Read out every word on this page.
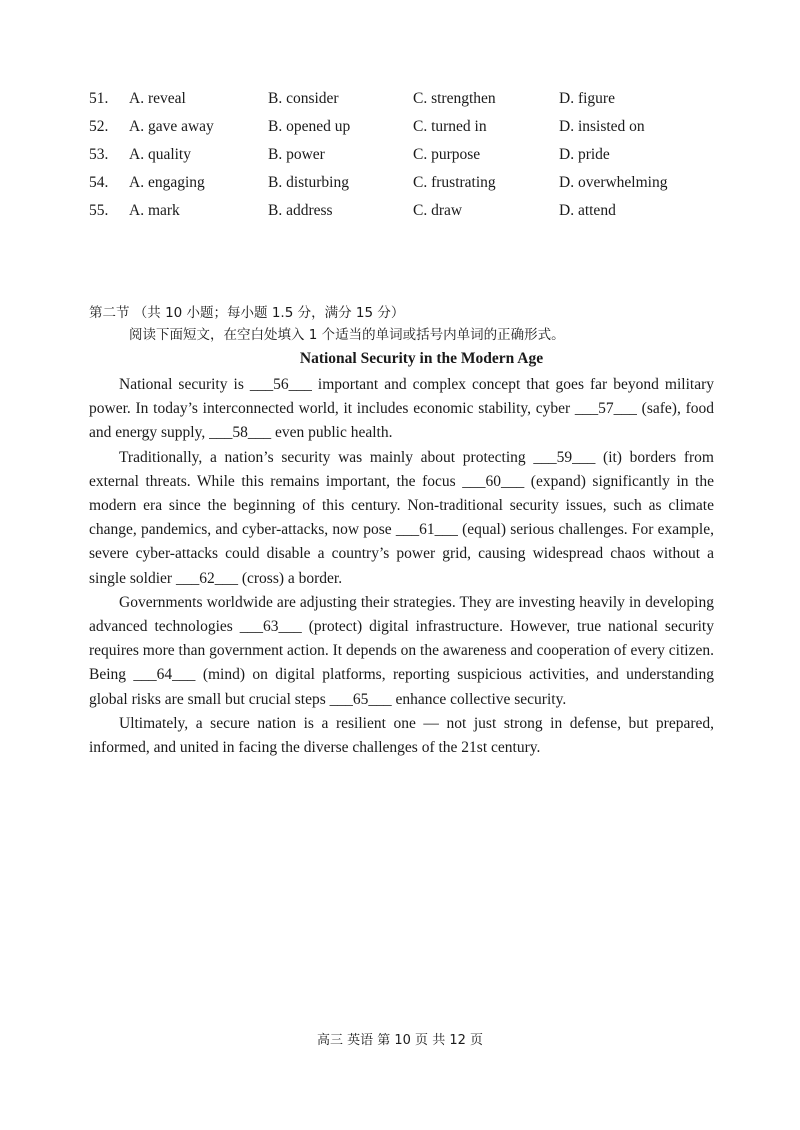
51. A. reveal	B. consider	C. strengthen	D. figure
52. A. gave away	B. opened up	C. turned in	D. insisted on
53. A. quality	B. power	C. purpose	D. pride
54. A. engaging	B. disturbing	C. frustrating	D. overwhelming
55. A. mark	B. address	C. draw	D. attend
第二节 （共 10 小题；每小题 1.5 分，满分 15 分）
阅读下面短文，在空白处填入 1 个适当的单词或括号内单词的正确形式。
National Security in the Modern Age

National security is ___56___ important and complex concept that goes far beyond military power. In today’s interconnected world, it includes economic stability, cyber ___57___ (safe), food and energy supply, ___58___ even public health.

Traditionally, a nation’s security was mainly about protecting ___59___ (it) borders from external threats. While this remains important, the focus ___60___ (expand) significantly in the modern era since the beginning of this century. Non-traditional security issues, such as climate change, pandemics, and cyber-attacks, now pose ___61___ (equal) serious challenges. For example, severe cyber-attacks could disable a country’s power grid, causing widespread chaos without a single soldier ___62___ (cross) a border.

Governments worldwide are adjusting their strategies. They are investing heavily in developing advanced technologies ___63___ (protect) digital infrastructure. However, true national security requires more than government action. It depends on the awareness and cooperation of every citizen. Being ___64___ (mind) on digital platforms, reporting suspicious activities, and understanding global risks are small but crucial steps ___65___ enhance collective security.

Ultimately, a secure nation is a resilient one — not just strong in defense, but prepared, informed, and united in facing the diverse challenges of the 21st century.

高三 英语 第 10 页 共 12 页
